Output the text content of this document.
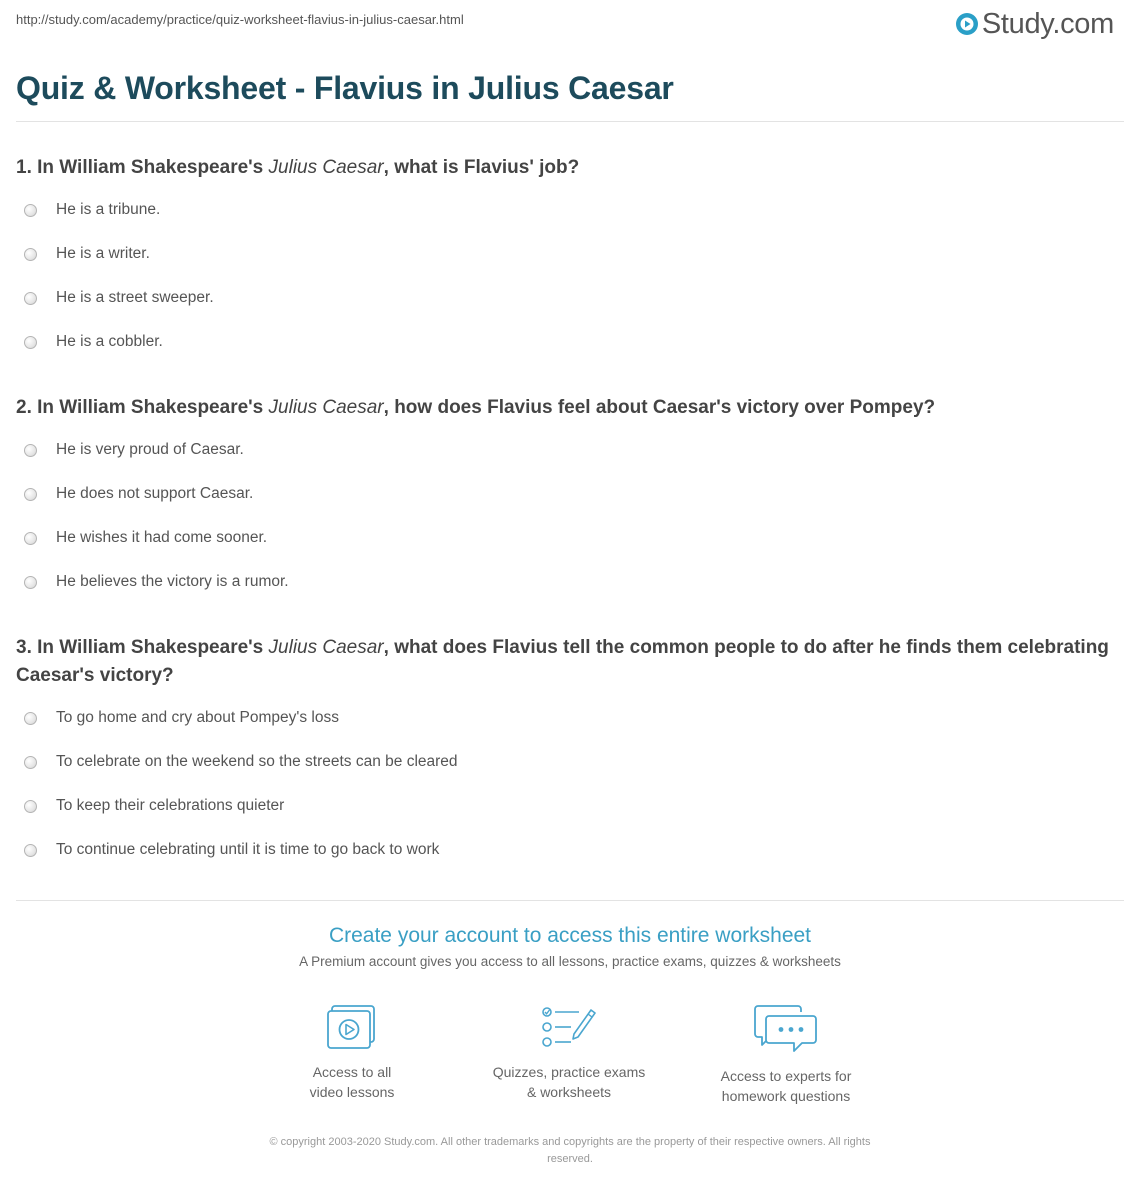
http://study.com/academy/practice/quiz-worksheet-flavius-in-julius-caesar.html	Study.com
Quiz & Worksheet - Flavius in Julius Caesar

1. In William Shakespeare's Julius Caesar, what is Flavius' job?

He is a tribune.
He is a writer.
He is a street sweeper.
He is a cobbler.

2. In William Shakespeare's Julius Caesar, how does Flavius feel about Caesar's victory over Pompey?

He is very proud of Caesar.
He does not support Caesar.
He wishes it had come sooner.
He believes the victory is a rumor.

3. In William Shakespeare's Julius Caesar, what does Flavius tell the common people to do after he finds them celebrating Caesar's victory?

To go home and cry about Pompey's loss
To celebrate on the weekend so the streets can be cleared
To keep their celebrations quieter
To continue celebrating until it is time to go back to work
Create your account to access this entire worksheet

A Premium account gives you access to all lessons, practice exams, quizzes & worksheets

Access to all
video lessons
Quizzes, practice exams
& worksheets
Access to experts for
homework questions
© copyright 2003-2020 Study.com. All other trademarks and copyrights are the property of their respective owners. All rights
reserved.
